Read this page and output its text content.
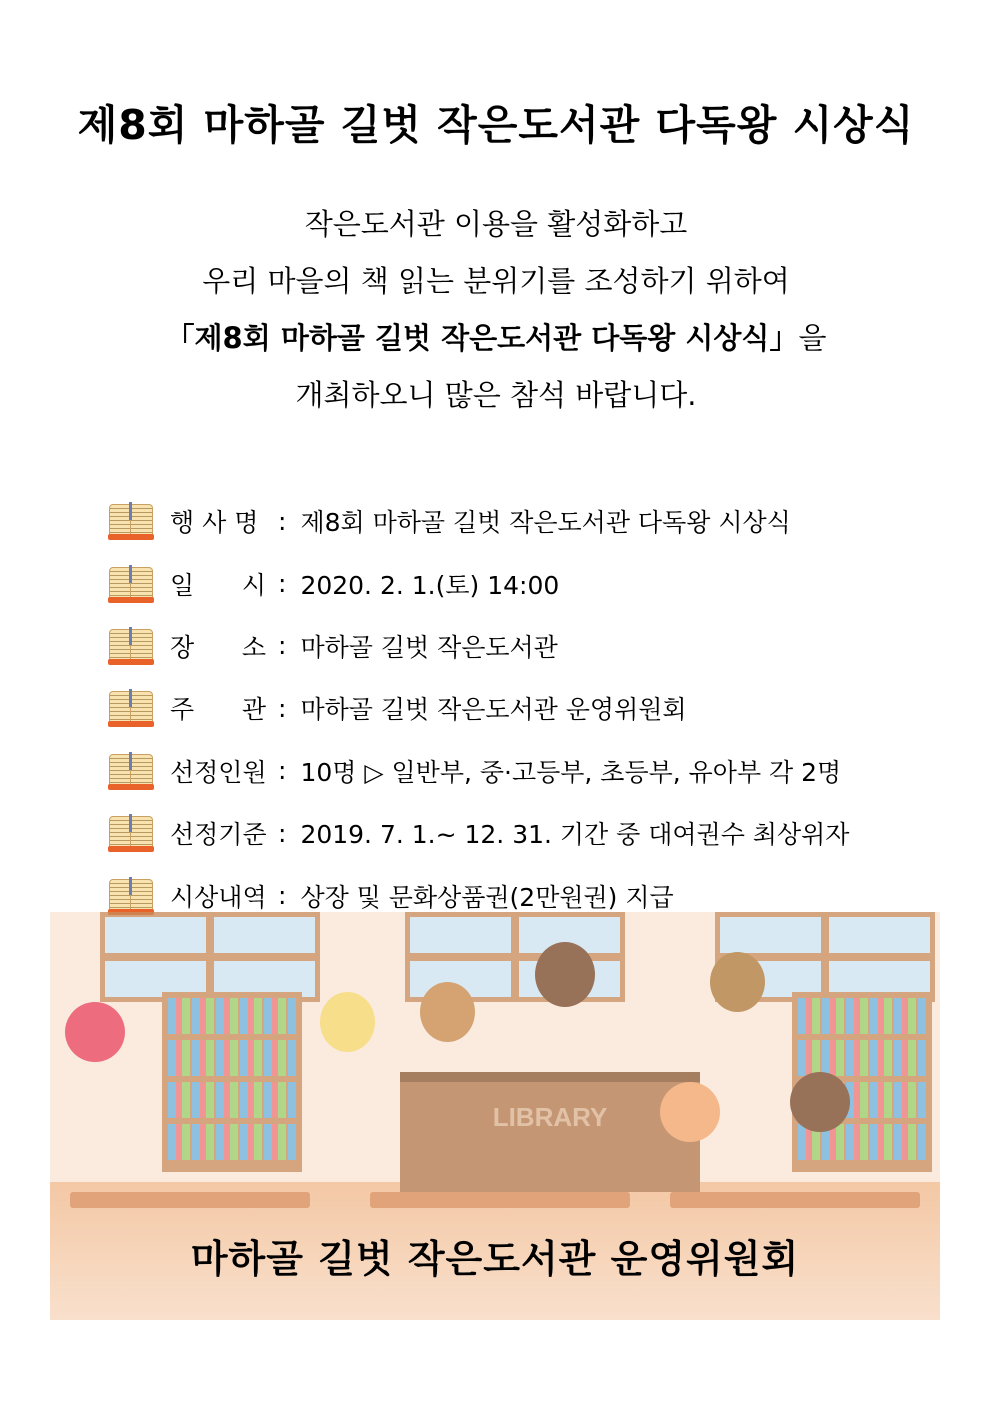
제8회 마하골 길벗 작은도서관 다독왕 시상식
작은도서관 이용을 활성화하고
우리 마을의 책 읽는 분위기를 조성하기 위하여
「제8회 마하골 길벗 작은도서관 다독왕 시상식」을
개최하오니 많은 참석 바랍니다.
행 사 명 : 제8회 마하골 길벗 작은도서관 다독왕 시상식
일      시 : 2020. 2. 1.(토) 14:00
장      소 : 마하골 길벗 작은도서관
주      관 : 마하골 길벗 작은도서관 운영위원회
선정인원 : 10명 ▷ 일반부, 중·고등부, 초등부, 유아부 각 2명
선정기준 : 2019. 7. 1.~ 12. 31. 기간 중 대여권수 최상위자
시상내역 : 상장 및 문화상품권(2만원권) 지급
LIBRARY
마하골 길벗 작은도서관 운영위원회
